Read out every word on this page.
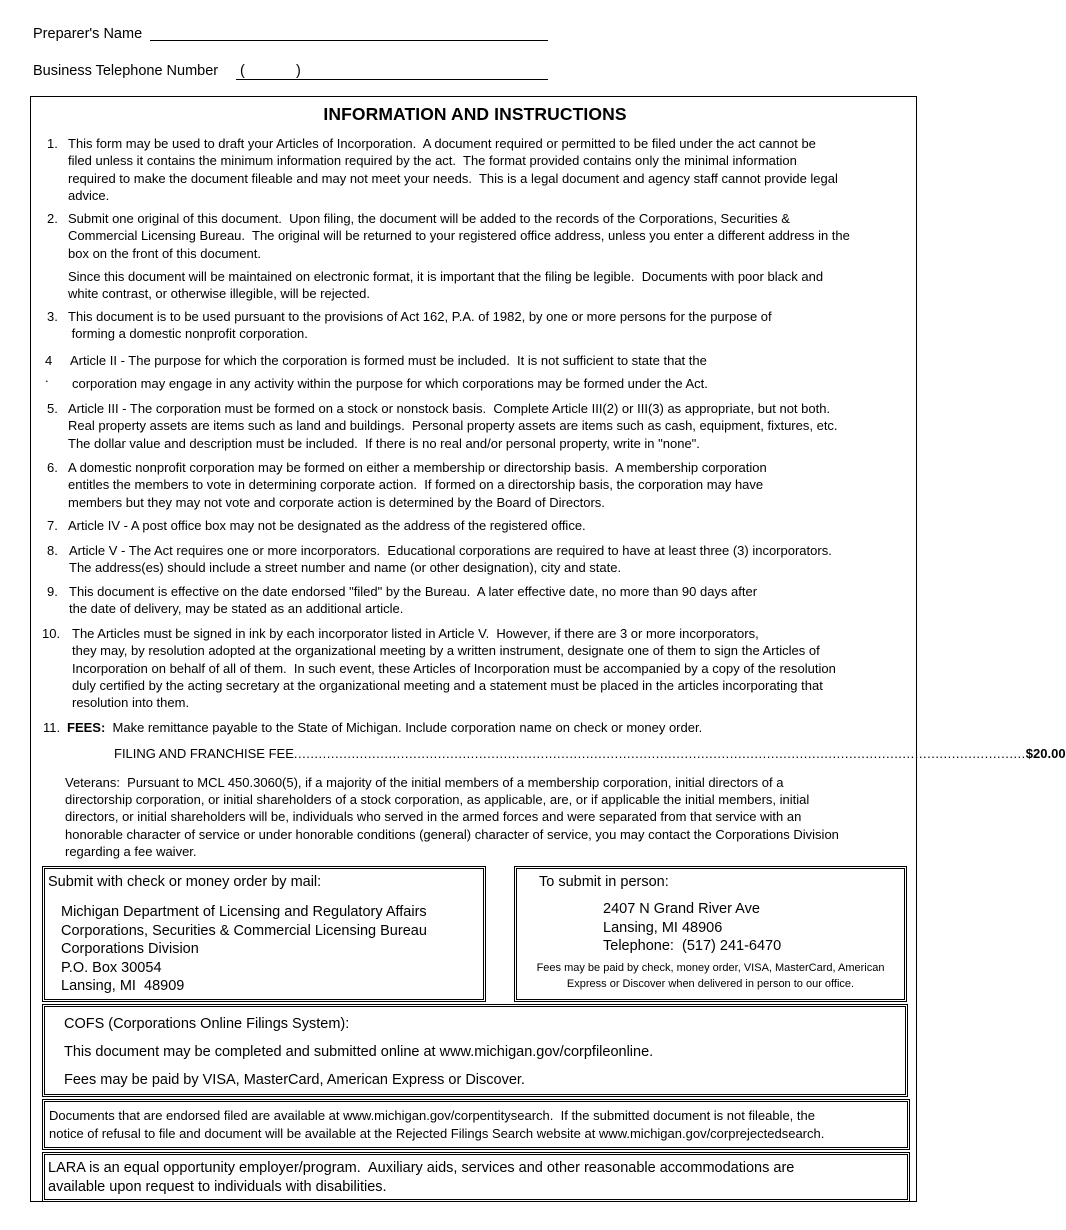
Preparer's Name
Business Telephone Number (	)
INFORMATION AND INSTRUCTIONS
1. This form may be used to draft your Articles of Incorporation.  A document required or permitted to be filed under the act cannot be
filed unless it contains the minimum information required by the act.  The format provided contains only the minimal information
required to make the document fileable and may not meet your needs.  This is a legal document and agency staff cannot provide legal
advice.
2. Submit one original of this document.  Upon filing, the document will be added to the records of the Corporations, Securities &
Commercial Licensing Bureau.  The original will be returned to your registered office address, unless you enter a different address in the
box on the front of this document.
Since this document will be maintained on electronic format, it is important that the filing be legible.  Documents with poor black and
white contrast, or otherwise illegible, will be rejected.
3. This document is to be used pursuant to the provisions of Act 162, P.A. of 1982, by one or more persons for the purpose of
forming a domestic nonprofit corporation.
4 .
Article II - The purpose for which the corporation is formed must be included.  It is not sufficient to state that the
corporation may engage in any activity within the purpose for which corporations may be formed under the Act.
5. Article III - The corporation must be formed on a stock or nonstock basis.  Complete Article III(2) or III(3) as appropriate, but not both.
Real property assets are items such as land and buildings.  Personal property assets are items such as cash, equipment, fixtures, etc.
The dollar value and description must be included.  If there is no real and/or personal property, write in "none".
6. A domestic nonprofit corporation may be formed on either a membership or directorship basis.  A membership corporation
entitles the members to vote in determining corporate action.  If formed on a directorship basis, the corporation may have
members but they may not vote and corporate action is determined by the Board of Directors.
7. Article IV - A post office box may not be designated as the address of the registered office.
8. Article V - The Act requires one or more incorporators.  Educational corporations are required to have at least three (3) incorporators.
The address(es) should include a street number and name (or other designation), city and state.
9. This document is effective on the date endorsed "filed" by the Bureau.  A later effective date, no more than 90 days after
the date of delivery, may be stated as an additional article.
10. The Articles must be signed in ink by each incorporator listed in Article V.  However, if there are 3 or more incorporators,
they may, by resolution adopted at the organizational meeting by a written instrument, designate one of them to sign the Articles of
Incorporation on behalf of all of them.  In such event, these Articles of Incorporation must be accompanied by a copy of the resolution
duly certified by the acting secretary at the organizational meeting and a statement must be placed in the articles incorporating that
resolution into them.
11. FEES: Make remittance payable to the State of Michigan. Include corporation name on check or money order.
FILING AND FRANCHISE FEE .................................................................................................................................................................................. $20.00
Veterans:  Pursuant to MCL 450.3060(5), if a majority of the initial members of a membership corporation, initial directors of a
directorship corporation, or initial shareholders of a stock corporation, as applicable, are, or if applicable the initial members, initial
directors, or initial shareholders will be, individuals who served in the armed forces and were separated from that service with an
honorable character of service or under honorable conditions (general) character of service, you may contact the Corporations Division
regarding a fee waiver.
Submit with check or money order by mail:
Michigan Department of Licensing and Regulatory Affairs
Corporations, Securities & Commercial Licensing Bureau
Corporations Division
P.O. Box 30054
Lansing, MI  48909
To submit in person:
2407 N Grand River Ave
Lansing, MI 48906
Telephone:  (517) 241-6470
Fees may be paid by check, money order, VISA, MasterCard, American
Express or Discover when delivered in person to our office.
COFS (Corporations Online Filings System):
This document may be completed and submitted online at www.michigan.gov/corpfileonline.
Fees may be paid by VISA, MasterCard, American Express or Discover.
Documents that are endorsed filed are available at www.michigan.gov/corpentitysearch.  If the submitted document is not fileable, the
notice of refusal to file and document will be available at the Rejected Filings Search website at www.michigan.gov/corprejectedsearch.
LARA is an equal opportunity employer/program.  Auxiliary aids, services and other reasonable accommodations are
available upon request to individuals with disabilities.
